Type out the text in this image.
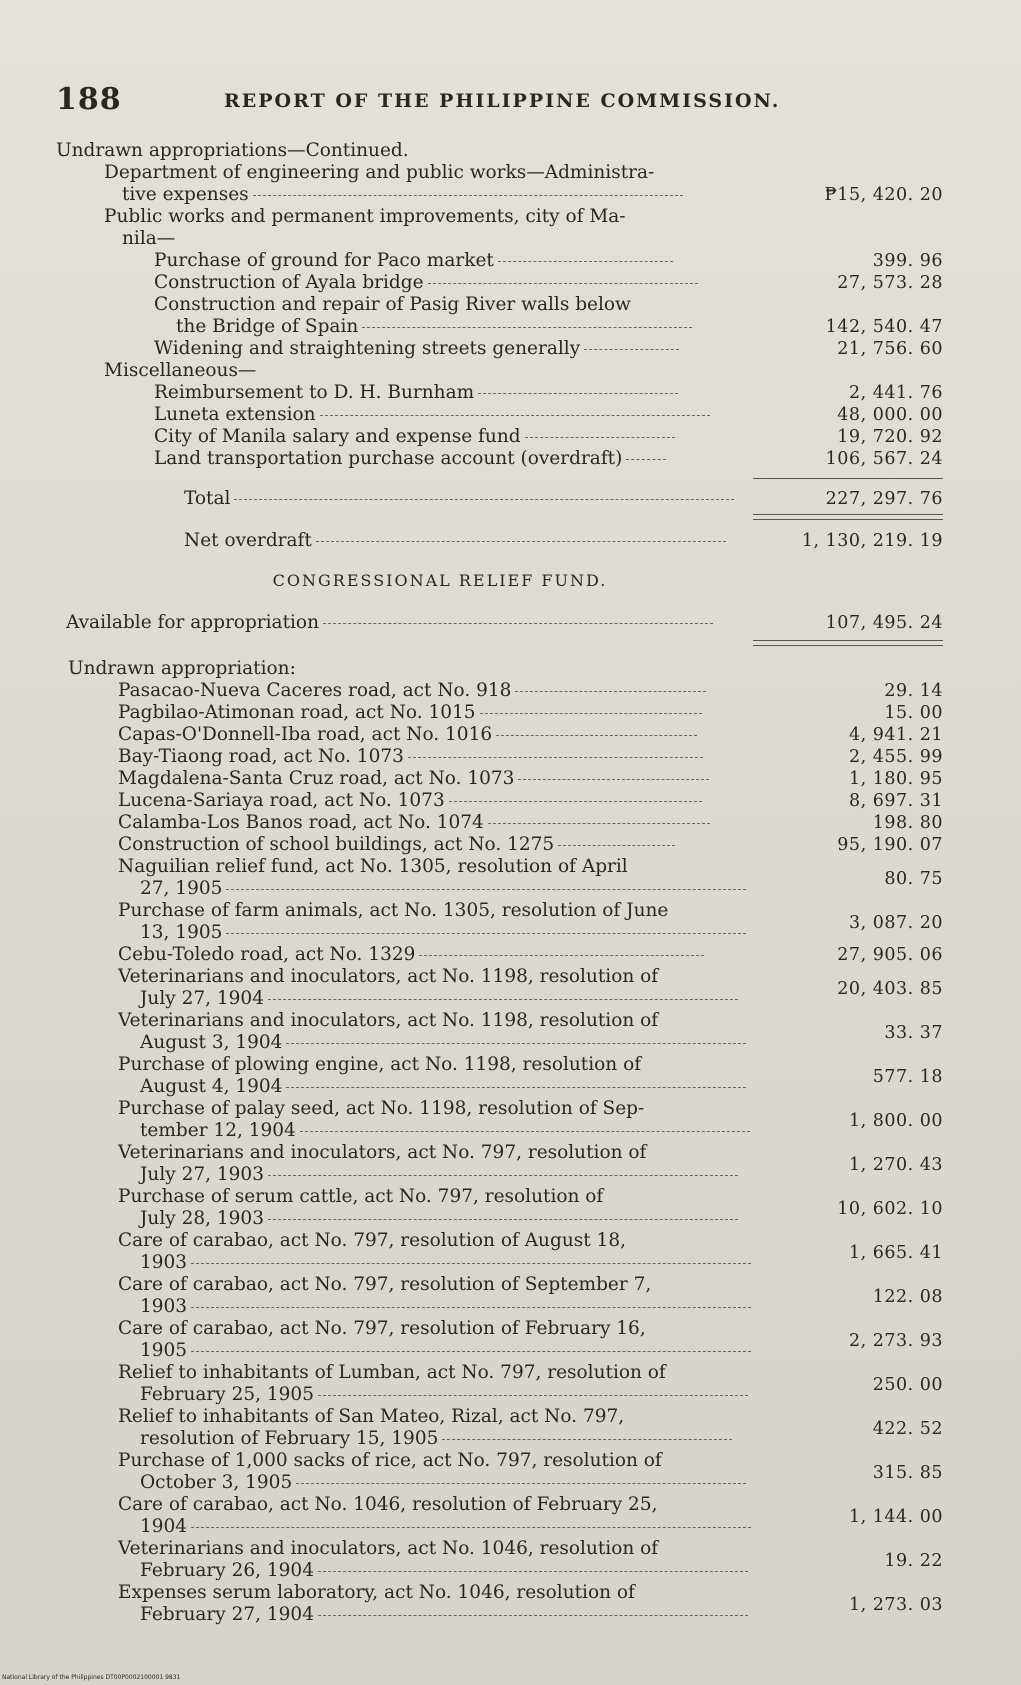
188	REPORT OF THE PHILIPPINE COMMISSION.
Undrawn appropriations—Continued.
Department of engineering and public works—Administra-
tive expenses	₱15, 420. 20
Public works and permanent improvements, city of Ma-
nila—
Purchase of ground for Paco market	399. 96
Construction of Ayala bridge	27, 573. 28
Construction and repair of Pasig River walls below
the Bridge of Spain	142, 540. 47
Widening and straightening streets generally	21, 756. 60
Miscellaneous—
Reimbursement to D. H. Burnham	2, 441. 76
Luneta extension	48, 000. 00
City of Manila salary and expense fund	19, 720. 92
Land transportation purchase account (overdraft)	106, 567. 24
Total	227, 297. 76
Net overdraft	1, 130, 219. 19
CONGRESSIONAL RELIEF FUND.
Available for appropriation	107, 495. 24
Undrawn appropriation:
Pasacao-Nueva Caceres road, act No. 918	29. 14
Pagbilao-Atimonan road, act No. 1015	15. 00
Capas-O'Donnell-Iba road, act No. 1016	4, 941. 21
Bay-Tiaong road, act No. 1073	2, 455. 99
Magdalena-Santa Cruz road, act No. 1073	1, 180. 95
Lucena-Sariaya road, act No. 1073	8, 697. 31
Calamba-Los Banos road, act No. 1074	198. 80
Construction of school buildings, act No. 1275	95, 190. 07
Naguilian relief fund, act No. 1305, resolution of April
27, 1905	80. 75
Purchase of farm animals, act No. 1305, resolution of June
13, 1905	3, 087. 20
Cebu-Toledo road, act No. 1329	27, 905. 06
Veterinarians and inoculators, act No. 1198, resolution of
July 27, 1904	20, 403. 85
Veterinarians and inoculators, act No. 1198, resolution of
August 3, 1904	33. 37
Purchase of plowing engine, act No. 1198, resolution of
August 4, 1904	577. 18
Purchase of palay seed, act No. 1198, resolution of Sep-
tember 12, 1904	1, 800. 00
Veterinarians and inoculators, act No. 797, resolution of
July 27, 1903	1, 270. 43
Purchase of serum cattle, act No. 797, resolution of
July 28, 1903	10, 602. 10
Care of carabao, act No. 797, resolution of August 18,
1903	1, 665. 41
Care of carabao, act No. 797, resolution of September 7,
1903	122. 08
Care of carabao, act No. 797, resolution of February 16,
1905	2, 273. 93
Relief to inhabitants of Lumban, act No. 797, resolution of
February 25, 1905	250. 00
Relief to inhabitants of San Mateo, Rizal, act No. 797,
resolution of February 15, 1905	422. 52
Purchase of 1,000 sacks of rice, act No. 797, resolution of
October 3, 1905	315. 85
Care of carabao, act No. 1046, resolution of February 25,
1904	1, 144. 00
Veterinarians and inoculators, act No. 1046, resolution of
February 26, 1904	19. 22
Expenses serum laboratory, act No. 1046, resolution of
February 27, 1904	1, 273. 03
National Library of the Philippines DT00P0002100001 9831
